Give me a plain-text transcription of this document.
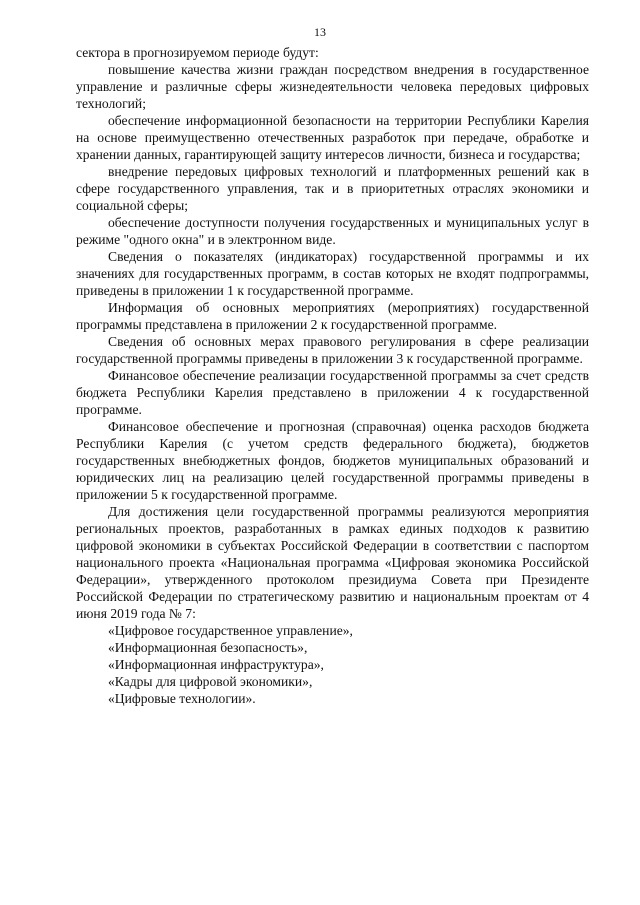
13

сектора в прогнозируемом периоде будут:

повышение качества жизни граждан посредством внедрения в государственное управление и различные сферы жизнедеятельности человека передовых цифровых технологий;

обеспечение информационной безопасности на территории Республики Карелия на основе преимущественно отечественных разработок при передаче, обработке и хранении данных, гарантирующей защиту интересов личности, бизнеса и государства;

внедрение передовых цифровых технологий и платформенных решений как в сфере государственного управления, так и в приоритетных отраслях экономики и социальной сферы;

обеспечение доступности получения государственных и муниципальных услуг в режиме "одного окна" и в электронном виде.

Сведения о показателях (индикаторах) государственной программы и их значениях для государственных программ, в состав которых не входят подпрограммы, приведены в приложении 1 к государственной программе.

Информация об основных мероприятиях (мероприятиях) государственной программы представлена в приложении 2 к государственной программе.

Сведения об основных мерах правового регулирования в сфере реализации государственной программы приведены в приложении 3 к государственной программе.

Финансовое обеспечение реализации государственной программы за счет средств бюджета Республики Карелия представлено в приложении 4 к государственной программе.

Финансовое обеспечение и прогнозная (справочная) оценка расходов бюджета Республики Карелия (с учетом средств федерального бюджета), бюджетов государственных внебюджетных фондов, бюджетов муниципальных образований и юридических лиц на реализацию целей государственной программы приведены в приложении 5 к государственной программе.

Для достижения цели государственной программы реализуются мероприятия региональных проектов, разработанных в рамках единых подходов к развитию цифровой экономики в субъектах Российской Федерации в соответствии с паспортом национального проекта «Национальная программа «Цифровая экономика Российской Федерации», утвержденного протоколом президиума Совета при Президенте Российской Федерации по стратегическому развитию и национальным проектам от 4 июня 2019 года № 7:

«Цифровое государственное управление»,

«Информационная безопасность»,

«Информационная инфраструктура»,

«Кадры для цифровой экономики»,

«Цифровые технологии».
